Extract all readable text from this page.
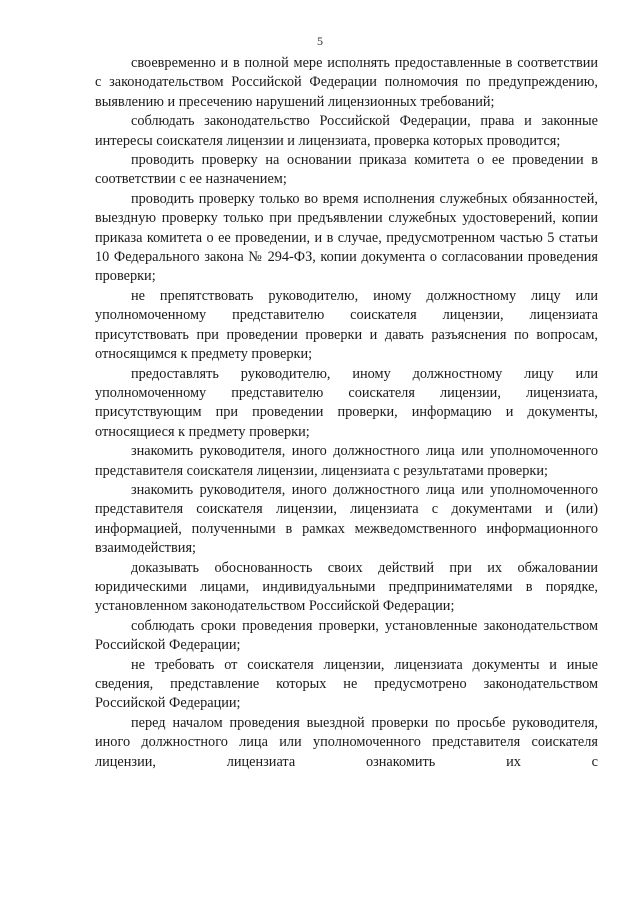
5

своевременно и в полной мере исполнять предоставленные в соответствии с законодательством Российской Федерации полномочия по предупреждению, выявлению и пресечению нарушений лицензионных требований;

соблюдать законодательство Российской Федерации, права и законные интересы соискателя лицензии и лицензиата, проверка которых проводится;

проводить проверку на основании приказа комитета о ее проведении в соответствии с ее назначением;

проводить проверку только во время исполнения служебных обязанностей, выездную проверку только при предъявлении служебных удостоверений, копии приказа комитета о ее проведении, и в случае, предусмотренном частью 5 статьи 10 Федерального закона № 294-ФЗ, копии документа о согласовании проведения проверки;

не препятствовать руководителю, иному должностному лицу или уполномоченному представителю соискателя лицензии, лицензиата присутствовать при проведении проверки и давать разъяснения по вопросам, относящимся к предмету проверки;

предоставлять руководителю, иному должностному лицу или уполномоченному представителю соискателя лицензии, лицензиата, присутствующим при проведении проверки, информацию и документы, относящиеся к предмету проверки;

знакомить руководителя, иного должностного лица или уполномоченного представителя соискателя лицензии, лицензиата с результатами проверки;

знакомить руководителя, иного должностного лица или уполномоченного представителя соискателя лицензии, лицензиата с документами и (или) информацией, полученными в рамках межведомственного информационного взаимодействия;

доказывать обоснованность своих действий при их обжаловании юридическими лицами, индивидуальными предпринимателями в порядке, установленном законодательством Российской Федерации;

соблюдать сроки проведения проверки, установленные законодательством Российской Федерации;

не требовать от соискателя лицензии, лицензиата документы и иные сведения, представление которых не предусмотрено законодательством Российской Федерации;

перед началом проведения выездной проверки по просьбе руководителя, иного должностного лица или уполномоченного представителя соискателя лицензии, лицензиата ознакомить их с
